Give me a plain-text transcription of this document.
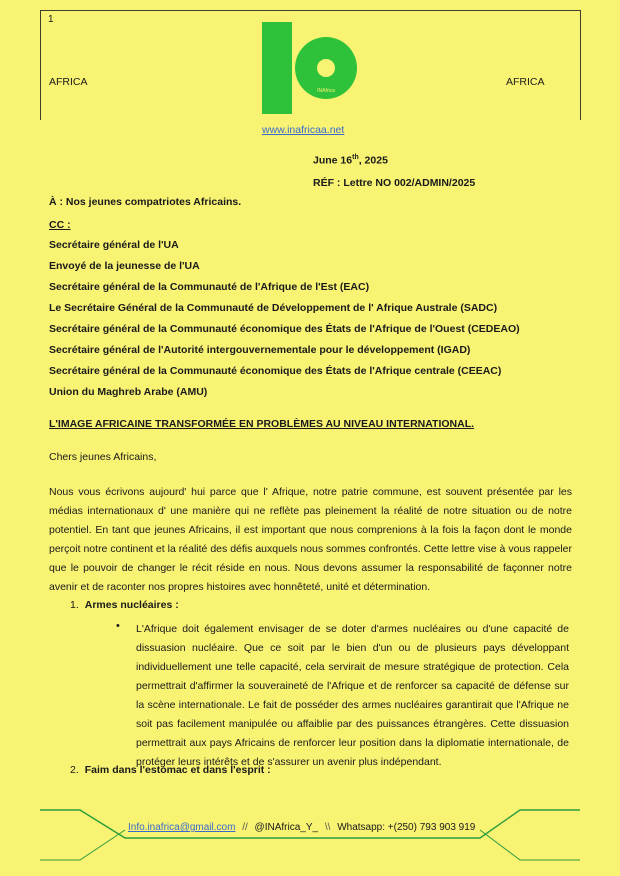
1
AFRICA	AFRICA
INAfrica
www.inafricaa.net
June 16th, 2025
RÉF : Lettre NO 002/ADMIN/2025
À : Nos jeunes compatriotes Africains.
CC :
Secrétaire général de l'UA
Envoyé de la jeunesse de l'UA
Secrétaire général de la Communauté de l'Afrique de l'Est (EAC)
Le Secrétaire Général de la Communauté de Développement de l' Afrique Australe (SADC)
Secrétaire général de la Communauté économique des États de l'Afrique de l'Ouest (CEDEAO)
Secrétaire général de l'Autorité intergouvernementale pour le développement (IGAD)
Secrétaire général de la Communauté économique des États de l'Afrique centrale (CEEAC)
Union du Maghreb Arabe (AMU)
L'IMAGE AFRICAINE TRANSFORMÉE EN PROBLÈMES AU NIVEAU INTERNATIONAL.
Chers jeunes Africains,

Nous vous écrivons aujourd' hui parce que l' Afrique, notre patrie commune, est souvent présentée par les médias internationaux d' une manière qui ne reflète pas pleinement la réalité de notre situation ou de notre potentiel. En tant que jeunes Africains, il est important que nous comprenions à la fois la façon dont le monde perçoit notre continent et la réalité des défis auxquels nous sommes confrontés. Cette lettre vise à vous rappeler que le pouvoir de changer le récit réside en nous. Nous devons assumer la responsabilité de façonner notre avenir et de raconter nos propres histoires avec honnêteté, unité et détermination.

1. Armes nucléaires :
• L'Afrique doit également envisager de se doter d'armes nucléaires ou d'une capacité de dissuasion nucléaire. Que ce soit par le bien d'un ou de plusieurs pays développant individuellement une telle capacité, cela servirait de mesure stratégique de protection. Cela permettrait d'affirmer la souveraineté de l'Afrique et de renforcer sa capacité de défense sur la scène internationale. Le fait de posséder des armes nucléaires garantirait que l'Afrique ne soit pas facilement manipulée ou affaiblie par des puissances étrangères. Cette dissuasion permettrait aux pays Africains de renforcer leur position dans la diplomatie internationale, de protéger leurs intérêts et de s'assurer un avenir plus indépendant.

2. Faim dans l'estomac et dans l'esprit :
Info.inafrica@gmail.com // @INAfrica_Y_ \\ Whatsapp: +(250) 793 903 919
